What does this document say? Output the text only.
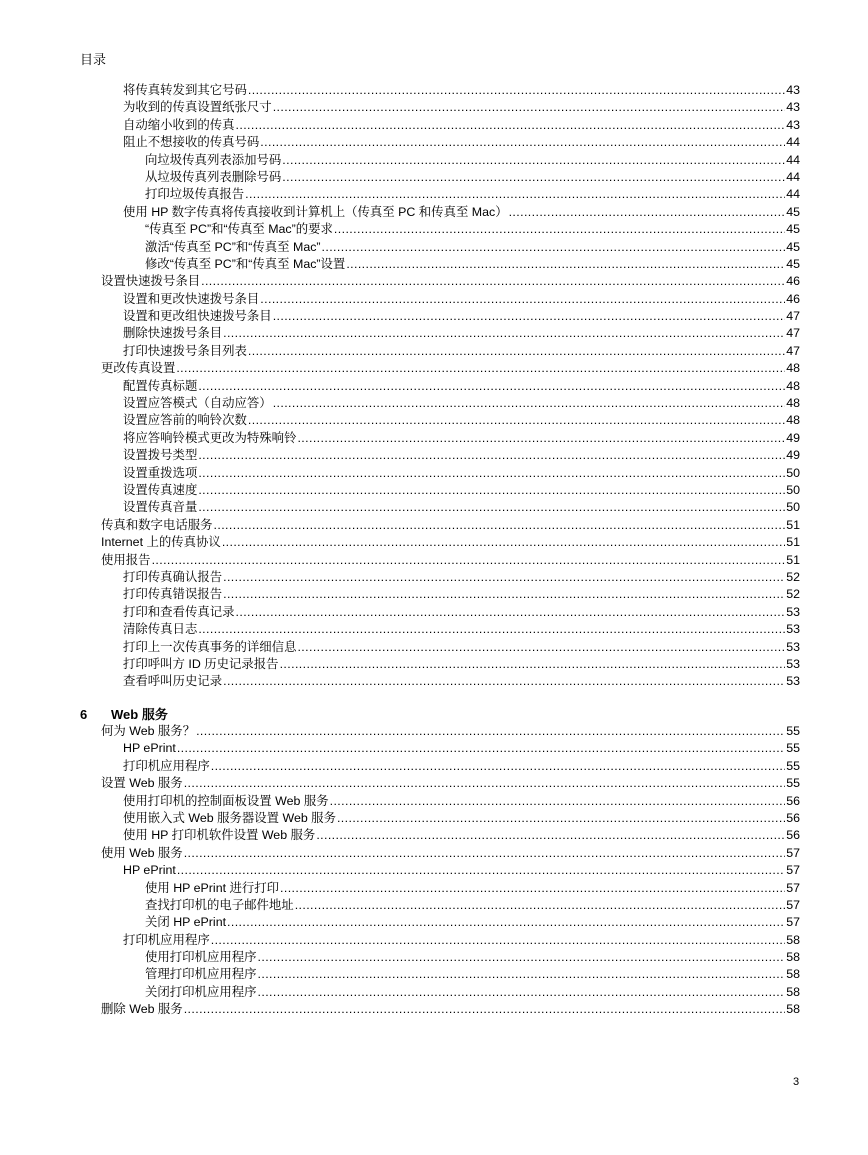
目录
将传真转发到其它号码 .....	43
为收到的传真设置纸张尺寸 .....	43
自动缩小收到的传真 .....	43
阻止不想接收的传真号码 .....	44
向垃圾传真列表添加号码 .....	44
从垃圾传真列表删除号码 .....	44
打印垃圾传真报告 .....	44
使用 HP 数字传真将传真接收到计算机上（传真至 PC 和传真至 Mac） .....	45
“传真至 PC”和“传真至 Mac”的要求 .....	45
激活“传真至 PC”和“传真至 Mac” .....	45
修改“传真至 PC”和“传真至 Mac”设置 .....	45
设置快速拨号条目 .....	46
设置和更改快速拨号条目 .....	46
设置和更改组快速拨号条目 .....	47
删除快速拨号条目 .....	47
打印快速拨号条目列表 .....	47
更改传真设置 .....	48
配置传真标题 .....	48
设置应答模式（自动应答） .....	48
设置应答前的响铃次数 .....	48
将应答响铃模式更改为特殊响铃 .....	49
设置拨号类型 .....	49
设置重拨选项 .....	50
设置传真速度 .....	50
设置传真音量 .....	50
传真和数字电话服务 .....	51
Internet 上的传真协议 .....	51
使用报告 .....	51
打印传真确认报告 .....	52
打印传真错误报告 .....	52
打印和查看传真记录 .....	53
清除传真日志 .....	53
打印上一次传真事务的详细信息 .....	53
打印呼叫方 ID 历史记录报告 .....	53
查看呼叫历史记录 .....	53
6 Web 服务
何为 Web 服务？ .....	55
HP ePrint .....	55
打印机应用程序 .....	55
设置 Web 服务 .....	55
使用打印机的控制面板设置 Web 服务 .....	56
使用嵌入式 Web 服务器设置 Web 服务 .....	56
使用 HP 打印机软件设置 Web 服务 .....	56
使用 Web 服务 .....	57
HP ePrint .....	57
使用 HP ePrint 进行打印 .....	57
查找打印机的电子邮件地址 .....	57
关闭 HP ePrint .....	57
打印机应用程序 .....	58
使用打印机应用程序 .....	58
管理打印机应用程序 .....	58
关闭打印机应用程序 .....	58
删除 Web 服务 .....	58
3
